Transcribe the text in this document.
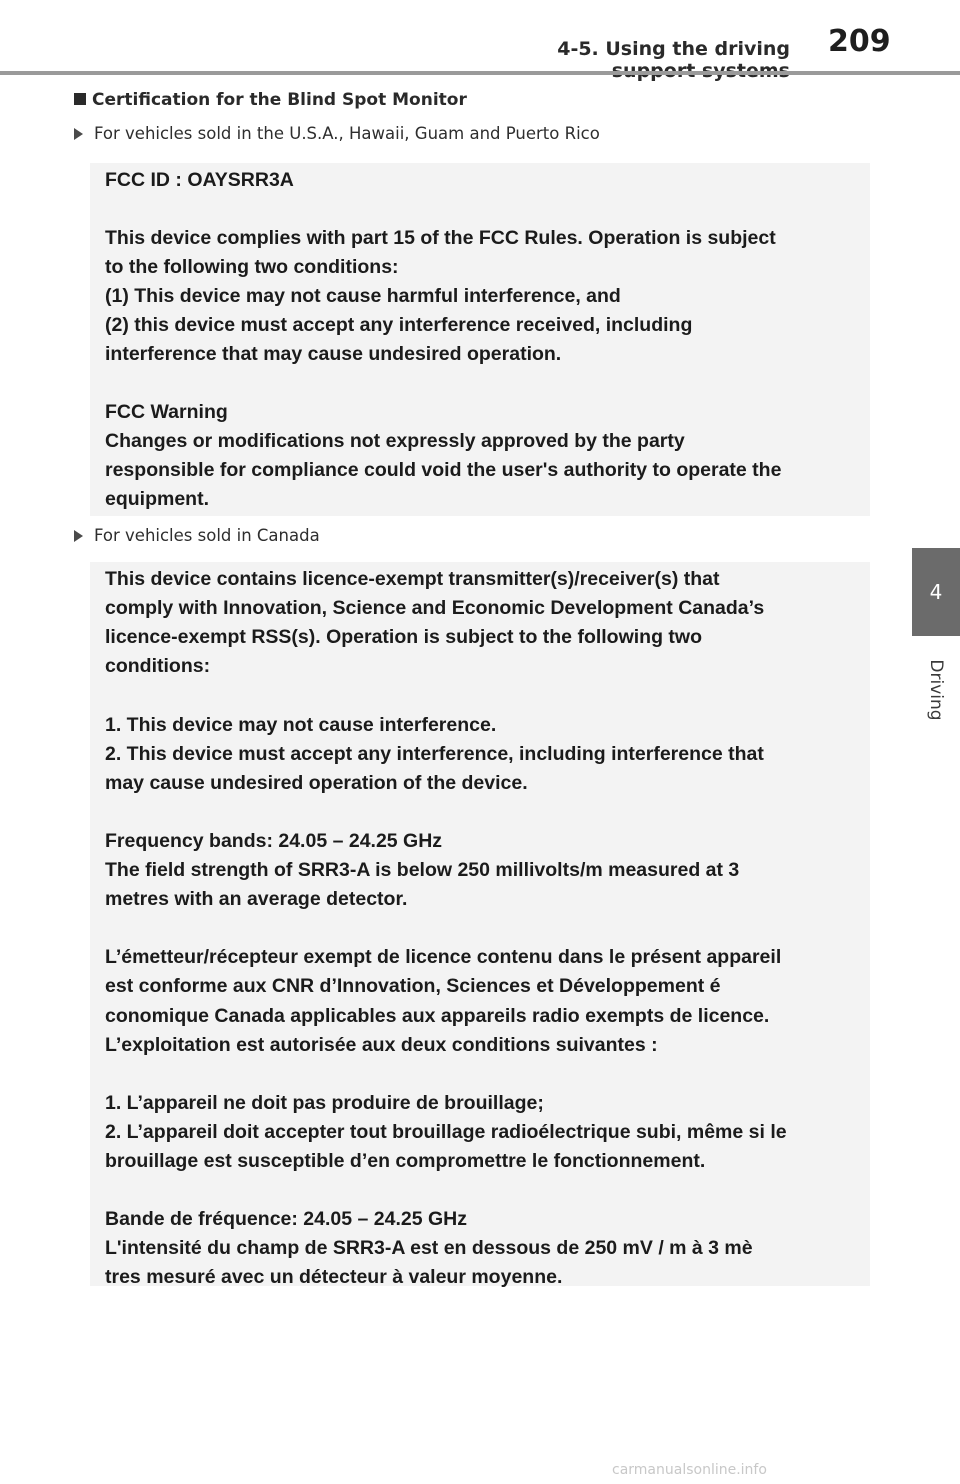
4-5. Using the driving 209
4
Driving
Certification for the Blind Spot Monitor
For vehicles sold in the U.S.A., Hawaii, Guam and Puerto Rico
FCC ID : OAYSRR3A
This device complies with part 15 of the FCC Rules. Operation is subject
to the following two conditions:
(1) This device may not cause harmful interference, and
(2) this device must accept any interference received, including
interference that may cause undesired operation.
FCC Warning
Changes or modifications not expressly approved by the party
responsible for compliance could void the user's authority to operate the
equipment.
For vehicles sold in Canada
This device contains licence-exempt transmitter(s)/receiver(s) that
comply with Innovation, Science and Economic Development Canada’s
licence-exempt RSS(s). Operation is subject to the following two
conditions:
1. This device may not cause interference.
2. This device must accept any interference, including interference that
may cause undesired operation of the device.
Frequency bands: 24.05 – 24.25 GHz
The field strength of SRR3-A is below 250 millivolts/m measured at 3
metres with an average detector.
L’émetteur/récepteur exempt de licence contenu dans le présent appareil
est conforme aux CNR d’Innovation, Sciences et Développement é
conomique Canada applicables aux appareils radio exempts de licence.
L’exploitation est autorisée aux deux conditions suivantes :
1. L’appareil ne doit pas produire de brouillage;
2. L’appareil doit accepter tout brouillage radioélectrique subi, même si le
brouillage est susceptible d’en compromettre le fonctionnement.
Bande de fréquence: 24.05 – 24.25 GHz
L'intensité du champ de SRR3-A est en dessous de 250 mV / m à 3 mè
tres mesuré avec un détecteur à valeur moyenne.
carmanualsonline.info
